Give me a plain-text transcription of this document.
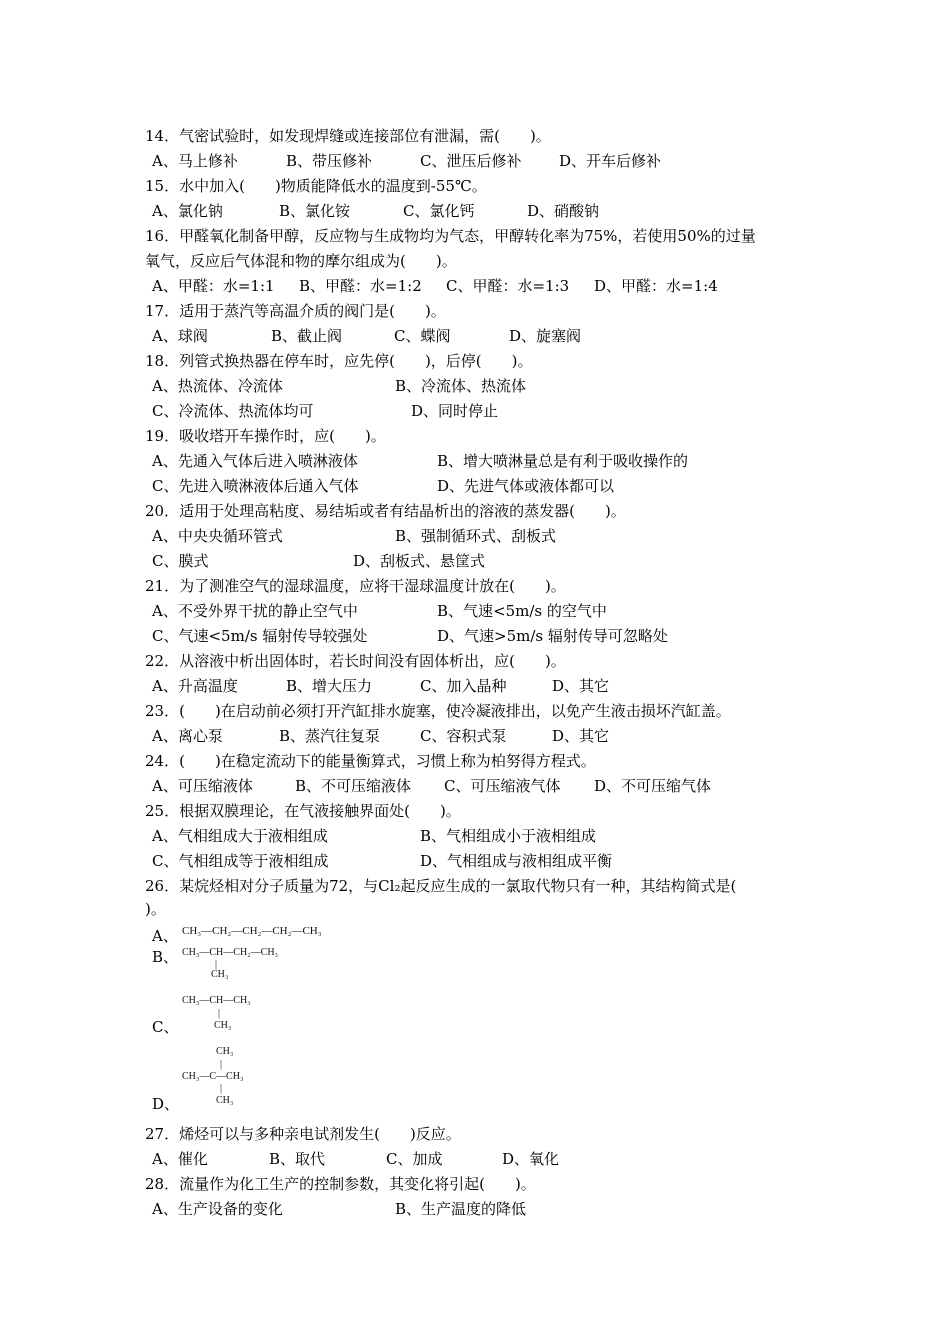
14．气密试验时，如发现焊缝或连接部位有泄漏，需(　　)。
A、马上修补	B、带压修补	C、泄压后修补	D、开车后修补
15．水中加入(　　)物质能降低水的温度到-55℃。
A、氯化钠	B、氯化铵	C、氯化钙	D、硝酸钠
16．甲醛氧化制备甲醇，反应物与生成物均为气态，甲醇转化率为75%，若使用50%的过量
氧气，反应后气体混和物的摩尔组成为(　　)。
A、甲醛：水=1:1 B、甲醛：水=1:2 C、甲醛：水=1:3 D、甲醛：水=1:4
17．适用于蒸汽等高温介质的阀门是(　　)。
A、球阀	B、截止阀	C、蝶阀	D、旋塞阀
18．列管式换热器在停车时，应先停(　　)，后停(　　)。
A、热流体、冷流体	B、冷流体、热流体
C、冷流体、热流体均可	D、同时停止
19．吸收塔开车操作时，应(　　)。
A、先通入气体后进入喷淋液体	B、增大喷淋量总是有利于吸收操作的
C、先进入喷淋液体后通入气体	D、先进气体或液体都可以
20．适用于处理高粘度、易结垢或者有结晶析出的溶液的蒸发器(　　)。
A、中央央循环管式	B、强制循环式、刮板式
C、膜式	D、刮板式、悬筐式
21．为了测准空气的湿球温度，应将干湿球温度计放在(　　)。
A、不受外界干扰的静止空气中	B、气速<5m/s 的空气中
C、气速<5m/s 辐射传导较强处	D、气速>5m/s 辐射传导可忽略处
22．从溶液中析出固体时，若长时间没有固体析出，应(　　)。
A、升高温度	B、增大压力	C、加入晶种	D、其它
23．(　　)在启动前必须打开汽缸排水旋塞，使冷凝液排出，以免产生液击损坏汽缸盖。
A、离心泵	B、蒸汽往复泵	C、容积式泵	D、其它
24．(　　)在稳定流动下的能量衡算式，习惯上称为柏努得方程式。
A、可压缩液体	B、不可压缩液体 C、可压缩液气体 D、不可压缩气体
25．根据双膜理论，在气液接触界面处(　　)。
A、气相组成大于液相组成	B、气相组成小于液相组成
C、气相组成等于液相组成	D、气相组成与液相组成平衡
26．某烷烃相对分子质量为72，与Cl₂起反应生成的一氯取代物只有一种，其结构简式是(
)。
A、 CH₃—CH₂—CH₂—CH₂—CH₃
B、 CH₃—CH—CH₂—CH₃
|
CH₃
CH₃—CH—CH₃
C、
|
CH₃
CH₃
|
CH₃—C—CH₃
|
CH₃
D、
27．烯烃可以与多种亲电试剂发生(　　)反应。
A、催化	B、取代	C、加成	D、氧化
28．流量作为化工生产的控制参数，其变化将引起(　　)。
A、生产设备的变化	B、生产温度的降低
